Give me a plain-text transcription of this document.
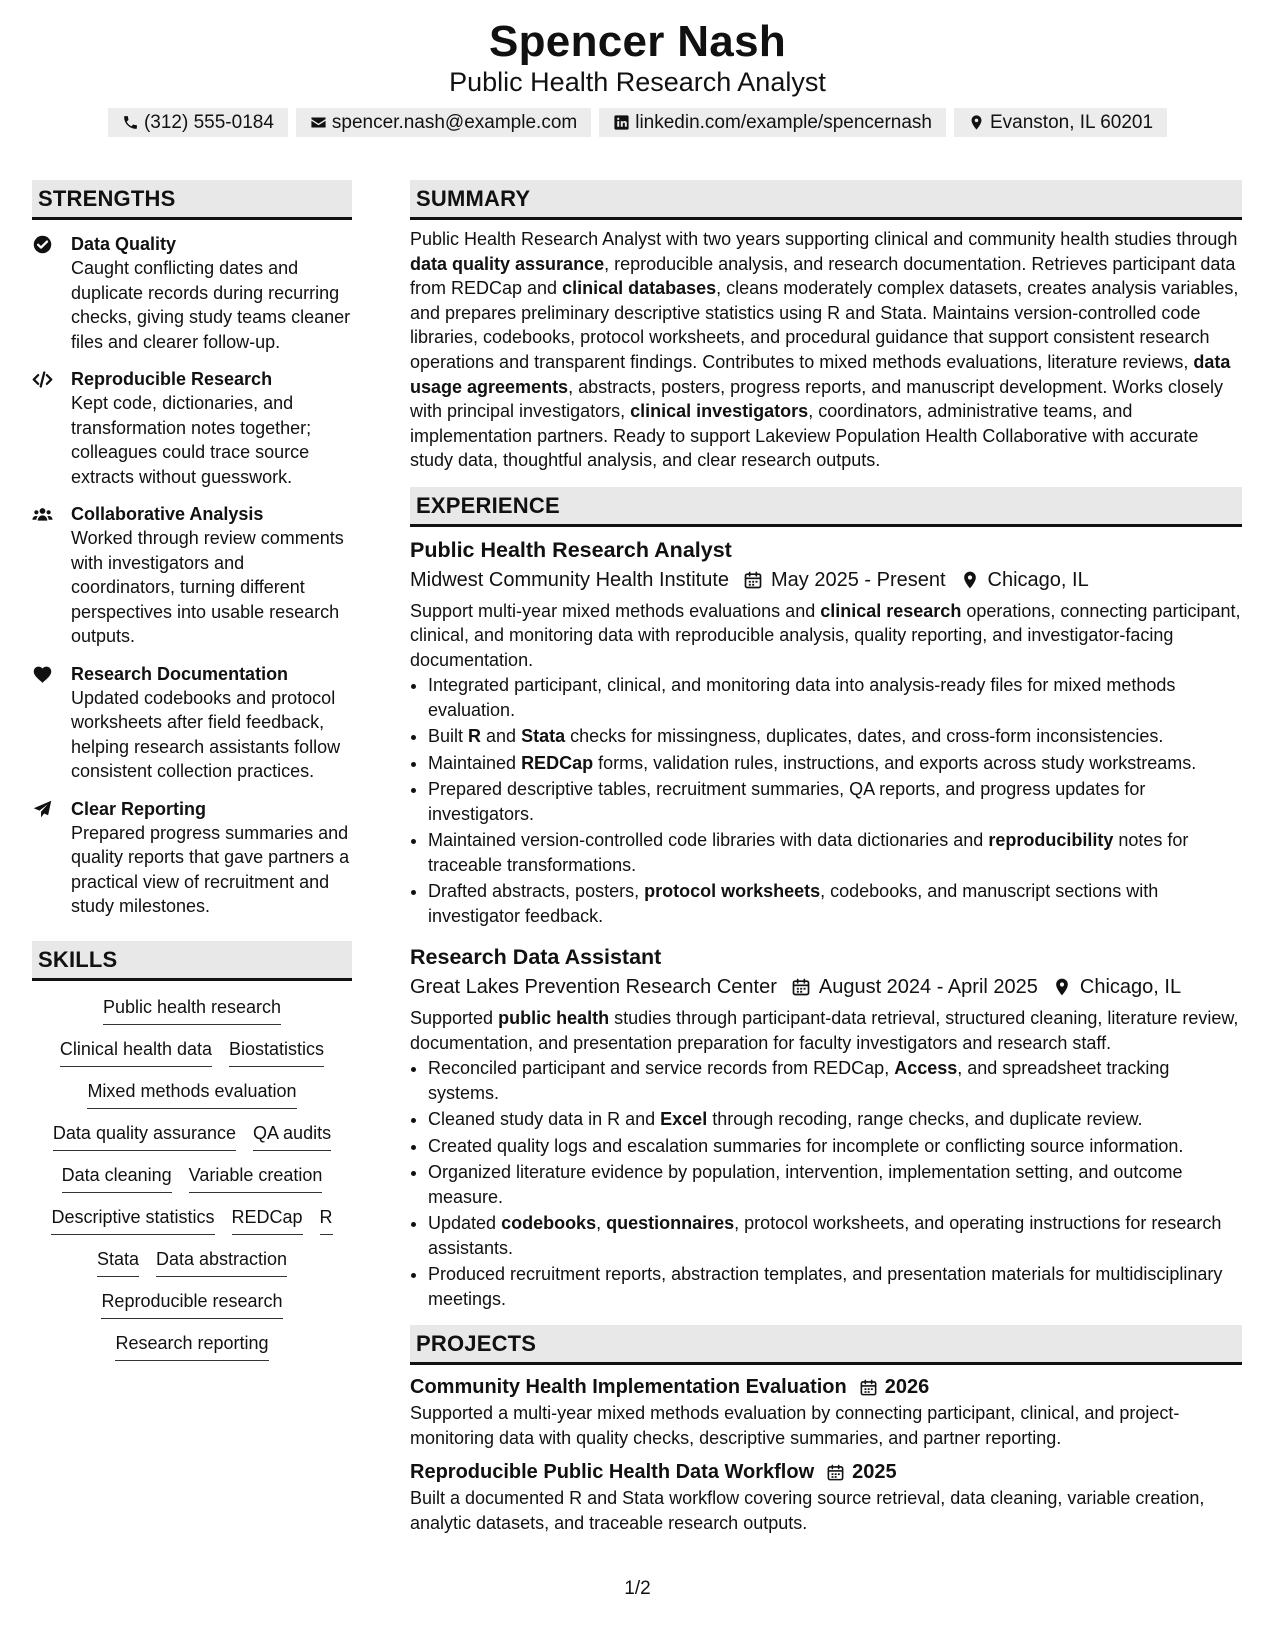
Spencer Nash
Public Health Research Analyst
(312) 555-0184	spencer.nash@example.com	linkedin.com/example/spencernash	Evanston, IL 60201
STRENGTHS
Data Quality
Caught conflicting dates and duplicate records during recurring checks, giving study teams cleaner files and clearer follow-up.
Reproducible Research
Kept code, dictionaries, and transformation notes together; colleagues could trace source extracts without guesswork.
Collaborative Analysis
Worked through review comments with investigators and coordinators, turning different perspectives into usable research outputs.
Research Documentation
Updated codebooks and protocol worksheets after field feedback, helping research assistants follow consistent collection practices.
Clear Reporting
Prepared progress summaries and quality reports that gave partners a practical view of recruitment and study milestones.
SKILLS
Public health research
Clinical health data Biostatistics
Mixed methods evaluation
Data quality assurance QA audits
Data cleaning Variable creation
Descriptive statistics REDCap R
Stata Data abstraction
Reproducible research
Research reporting
SUMMARY
Public Health Research Analyst with two years supporting clinical and community health studies through data quality assurance, reproducible analysis, and research documentation. Retrieves participant data from REDCap and clinical databases, cleans moderately complex datasets, creates analysis variables, and prepares preliminary descriptive statistics using R and Stata. Maintains version-controlled code libraries, codebooks, protocol worksheets, and procedural guidance that support consistent research operations and transparent findings. Contributes to mixed methods evaluations, literature reviews, data usage agreements, abstracts, posters, progress reports, and manuscript development. Works closely with principal investigators, clinical investigators, coordinators, administrative teams, and implementation partners. Ready to support Lakeview Population Health Collaborative with accurate study data, thoughtful analysis, and clear research outputs.
EXPERIENCE
Public Health Research Analyst
Midwest Community Health Institute May 2025 - Present Chicago, IL
Support multi-year mixed methods evaluations and clinical research operations, connecting participant, clinical, and monitoring data with reproducible analysis, quality reporting, and investigator-facing documentation.
• Integrated participant, clinical, and monitoring data into analysis-ready files for mixed methods evaluation.
• Built R and Stata checks for missingness, duplicates, dates, and cross-form inconsistencies.
• Maintained REDCap forms, validation rules, instructions, and exports across study workstreams.
• Prepared descriptive tables, recruitment summaries, QA reports, and progress updates for investigators.
• Maintained version-controlled code libraries with data dictionaries and reproducibility notes for traceable transformations.
• Drafted abstracts, posters, protocol worksheets, codebooks, and manuscript sections with investigator feedback.
Research Data Assistant
Great Lakes Prevention Research Center August 2024 - April 2025 Chicago, IL
Supported public health studies through participant-data retrieval, structured cleaning, literature review, documentation, and presentation preparation for faculty investigators and research staff.
• Reconciled participant and service records from REDCap, Access, and spreadsheet tracking systems.
• Cleaned study data in R and Excel through recoding, range checks, and duplicate review.
• Created quality logs and escalation summaries for incomplete or conflicting source information.
• Organized literature evidence by population, intervention, implementation setting, and outcome measure.
• Updated codebooks, questionnaires, protocol worksheets, and operating instructions for research assistants.
• Produced recruitment reports, abstraction templates, and presentation materials for multidisciplinary meetings.
PROJECTS
Community Health Implementation Evaluation 2026
Supported a multi-year mixed methods evaluation by connecting participant, clinical, and project-monitoring data with quality checks, descriptive summaries, and partner reporting.
Reproducible Public Health Data Workflow 2025
Built a documented R and Stata workflow covering source retrieval, data cleaning, variable creation, analytic datasets, and traceable research outputs.
1/2
